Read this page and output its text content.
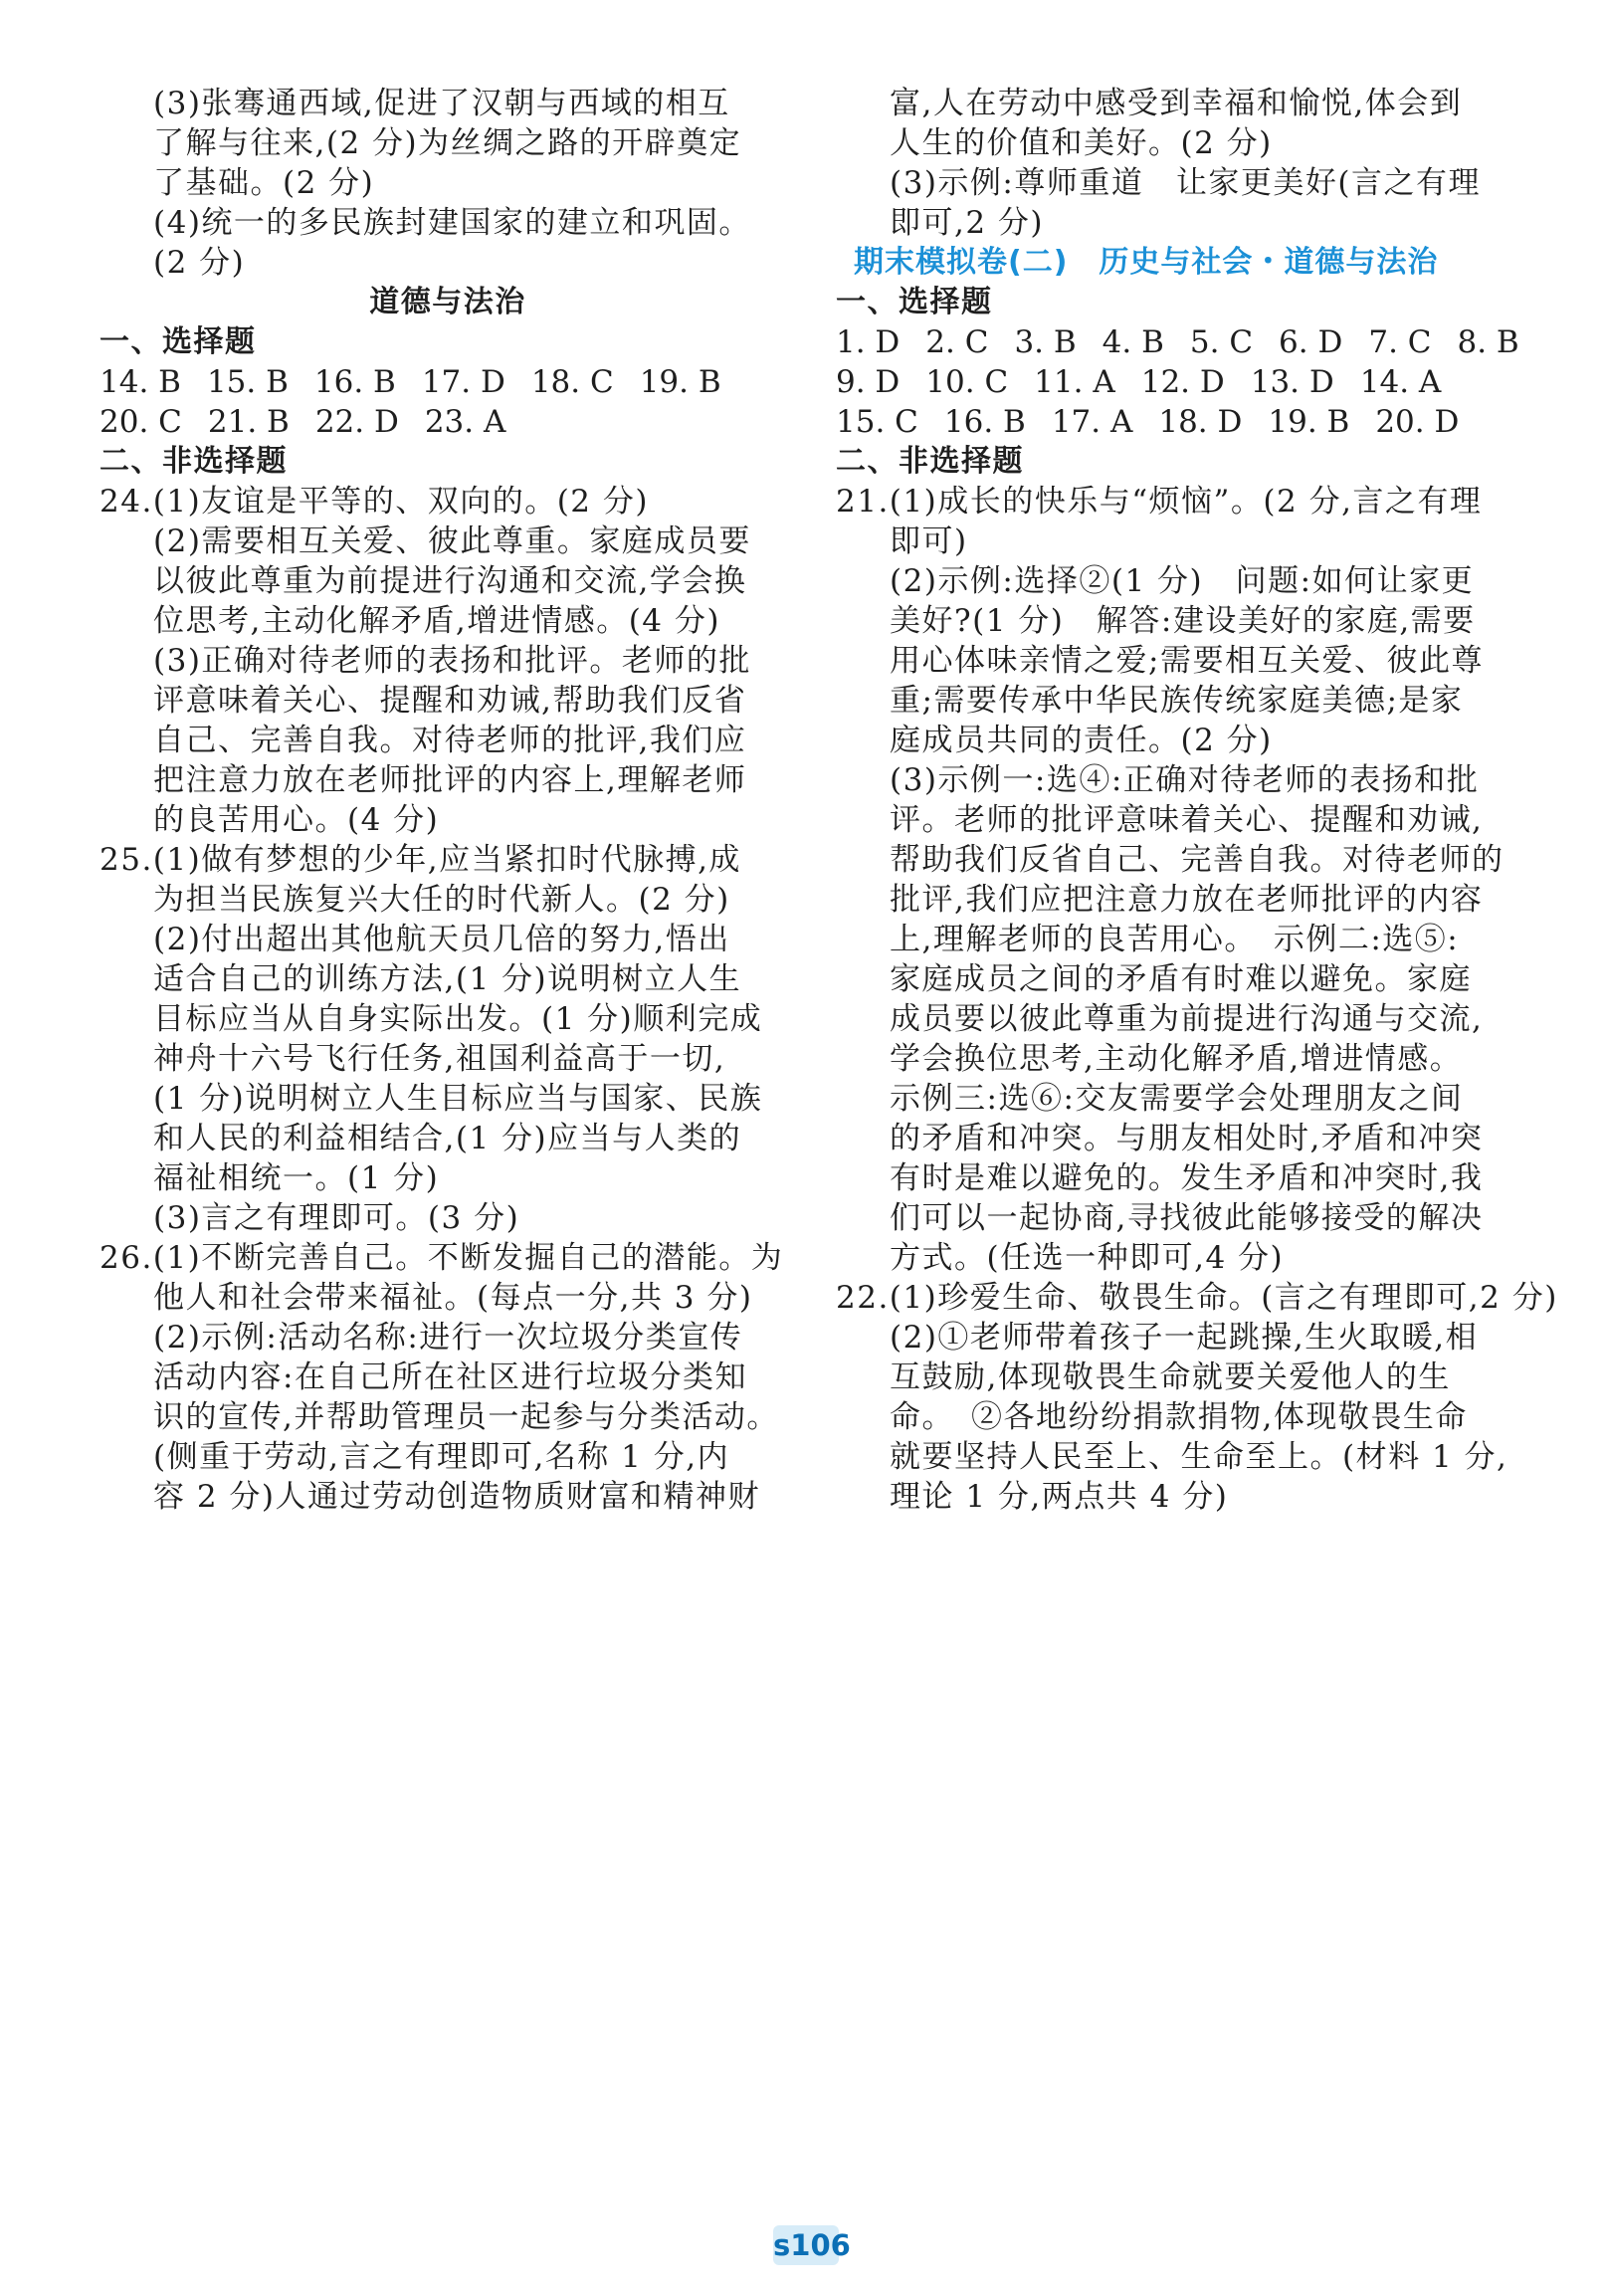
(3)张骞通西域,促进了汉朝与西域的相互
了解与往来,(2 分)为丝绸之路的开辟奠定
了基础。(2 分)
(4)统一的多民族封建国家的建立和巩固。
(2 分)
道德与法治
一、选择题
14. B 15. B 16. B 17. D 18. C 19. B
20. C 21. B 22. D 23. A
二、非选择题
24.(1)友谊是平等的、双向的。(2 分)
(2)需要相互关爱、彼此尊重。家庭成员要
以彼此尊重为前提进行沟通和交流,学会换
位思考,主动化解矛盾,增进情感。(4 分)
(3)正确对待老师的表扬和批评。老师的批
评意味着关心、提醒和劝诫,帮助我们反省
自己、完善自我。对待老师的批评,我们应
把注意力放在老师批评的内容上,理解老师
的良苦用心。(4 分)
25.(1)做有梦想的少年,应当紧扣时代脉搏,成
为担当民族复兴大任的时代新人。(2 分)
(2)付出超出其他航天员几倍的努力,悟出
适合自己的训练方法,(1 分)说明树立人生
目标应当从自身实际出发。(1 分)顺利完成
神舟十六号飞行任务,祖国利益高于一切,
(1 分)说明树立人生目标应当与国家、民族
和人民的利益相结合,(1 分)应当与人类的
福祉相统一。(1 分)
(3)言之有理即可。(3 分)
26.(1)不断完善自己。不断发掘自己的潜能。为
他人和社会带来福祉。(每点一分,共 3 分)
(2)示例:活动名称:进行一次垃圾分类宣传
活动内容:在自己所在社区进行垃圾分类知
识的宣传,并帮助管理员一起参与分类活动。
(侧重于劳动,言之有理即可,名称 1 分,内
容 2 分)人通过劳动创造物质财富和精神财
富,人在劳动中感受到幸福和愉悦,体会到
人生的价值和美好。(2 分)
(3)示例:尊师重道　让家更美好(言之有理
即可,2 分)
期末模拟卷(二)　历史与社会・道德与法治
一、选择题
1. D 2. C 3. B 4. B 5. C 6. D 7. C 8. B
9. D 10. C 11. A 12. D 13. D 14. A
15. C 16. B 17. A 18. D 19. B 20. D
二、非选择题
21.(1)成长的快乐与“烦恼”。(2 分,言之有理
即可)
(2)示例:选择②(1 分)　问题:如何让家更
美好?(1 分)　解答:建设美好的家庭,需要
用心体味亲情之爱;需要相互关爱、彼此尊
重;需要传承中华民族传统家庭美德;是家
庭成员共同的责任。(2 分)
(3)示例一:选④:正确对待老师的表扬和批
评。老师的批评意味着关心、提醒和劝诫,
帮助我们反省自己、完善自我。对待老师的
批评,我们应把注意力放在老师批评的内容
上,理解老师的良苦用心。　示例二:选⑤:
家庭成员之间的矛盾有时难以避免。家庭
成员要以彼此尊重为前提进行沟通与交流,
学会换位思考,主动化解矛盾,增进情感。
示例三:选⑥:交友需要学会处理朋友之间
的矛盾和冲突。与朋友相处时,矛盾和冲突
有时是难以避免的。发生矛盾和冲突时,我
们可以一起协商,寻找彼此能够接受的解决
方式。(任选一种即可,4 分)
22.(1)珍爱生命、敬畏生命。(言之有理即可,2 分)
(2)①老师带着孩子一起跳操,生火取暖,相
互鼓励,体现敬畏生命就要关爱他人的生
命。　②各地纷纷捐款捐物,体现敬畏生命
就要坚持人民至上、生命至上。(材料 1 分,
理论 1 分,两点共 4 分)
s106
